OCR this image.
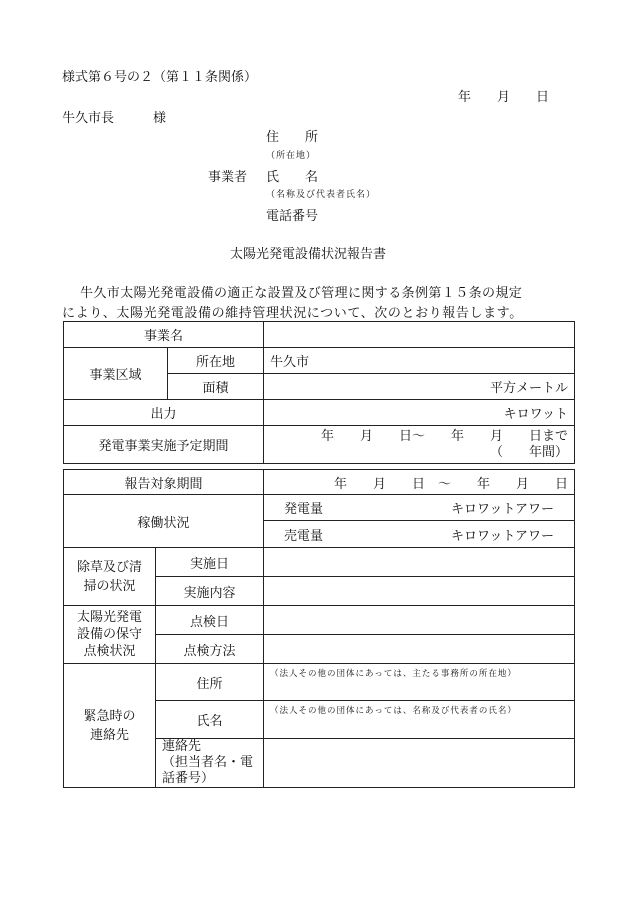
様式第６号の２（第１１条関係）
年　　月　　日
牛久市長　　　様
住　　所
（所在地）
事業者 氏　　名
（名称及び代表者氏名）
電話番号
太陽光発電設備状況報告書
牛久市太陽光発電設備の適正な設置及び管理に関する条例第１５条の規定
により、太陽光発電設備の維持管理状況について、次のとおり報告します。
事業名		
事業区域	所在地	牛久市
	面積	平方メートル
出力		キロワット
発電事業実施予定期間		年　　月　　日～　　年　　月　　日まで
（　　年間）
報告対象期間		年　　月　　日　～　　年　　月　　日
稼働状況		発電量 キロワットアワー

		売電量 キロワットアワー

除草及び清
掃の状況	実施日	
	実施内容	

太陽光発電
設備の保守
点検状況	点検日	
	点検方法	

緊急時の
連絡先	住所	（法人その他の団体にあっては、主たる事務所の所在地）

	氏名	（法人その他の団体にあっては、名称及び代表者の氏名）

	連絡先
（担当者名・電
話番号）	
